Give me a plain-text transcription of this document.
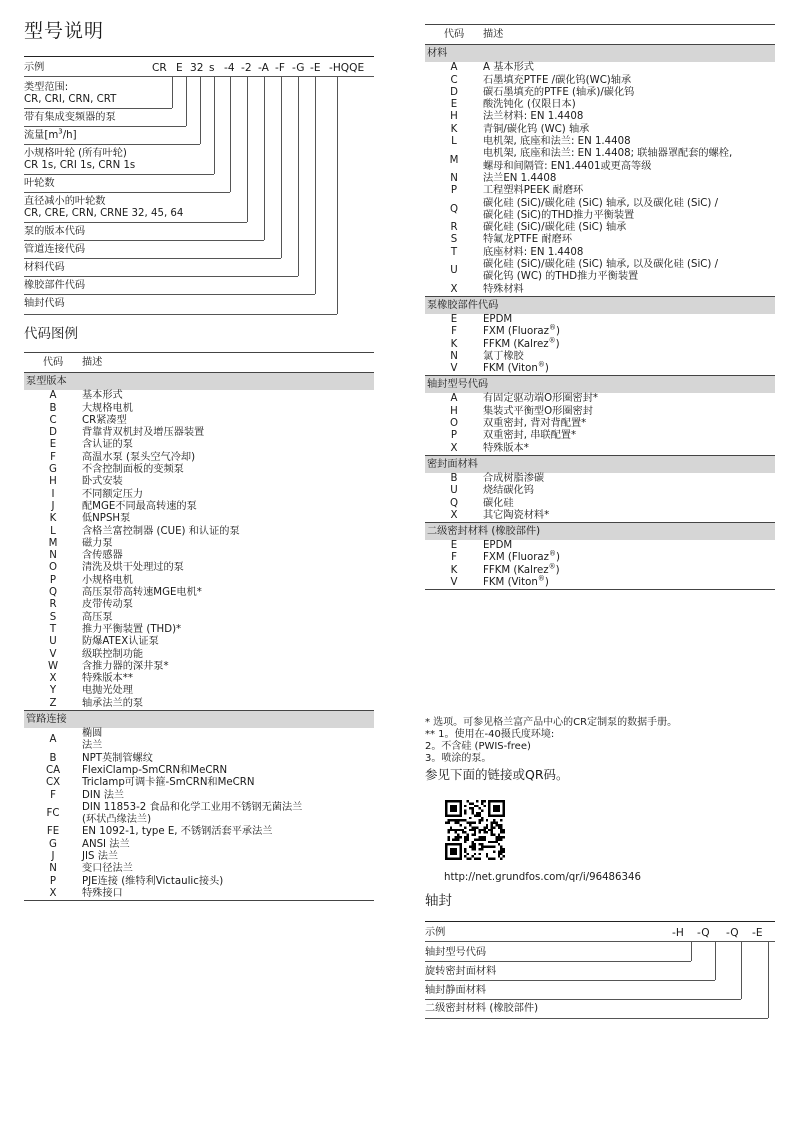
型号说明
示例	CR E 32 s -4 -2 -A -F -G -E -HQQE
类型范围:
CR, CRI, CRN, CRT
带有集成变频器的泵
流量$[m^3/h]$
小规格叶轮 (所有叶轮)
CR 1s, CRI 1s, CRN 1s
叶轮数
直径减小的叶轮数
CR, CRE, CRN, CRNE 32, 45, 64
泵的版本代码
管道连接代码
材料代码
橡胶部件代码
轴封代码
代码图例
代码	描述
泵型版本	
A	基本形式
B	大规格电机
C	CR紧凑型
D	背靠背双机封及增压器装置
E	含认证的泵
F	高温水泵 (泵头空气冷却)
G	不含控制面板的变频泵
H	卧式安装
I	不同额定压力
J	配MGE不同最高转速的泵
K	低NPSH泵
L	含格兰富控制器 (CUE) 和认证的泵
M	磁力泵
N	含传感器
O	清洗及烘干处理过的泵
P	小规格电机
Q	高压泵带高转速MGE电机*
R	皮带传动泵
S	高压泵
T	推力平衡装置 (THD)*
U	防爆ATEX认证泵
V	级联控制功能
W	含推力器的深井泵*
X	特殊版本**
Y	电抛光处理
Z	轴承法兰的泵
管路连接	
A	椭圆
法兰
B	NPT英制管螺纹
CA	FlexiClamp-SmCRN和MeCRN
CX	Triclamp可调卡箍-SmCRN和MeCRN
F	DIN 法兰
FC	DIN 11853-2 食品和化学工业用不锈钢无菌法兰
(环状凸缘法兰)
FE	EN 1092-1, type E, 不锈钢活套平承法兰
G	ANSI 法兰
J	JIS 法兰
N	变口径法兰
P	PJE连接 (维特利Victaulic接头)
X	特殊接口
代码	描述
材料	
A	A 基本形式
C	石墨填充PTFE /碳化钨(WC)轴承
D	碳石墨填充的PTFE (轴承)/碳化钨
E	酸洗钝化 (仅限日本)
H	法兰材料: EN 1.4408
K	青铜/碳化钨 (WC) 轴承
L	电机架, 底座和法兰: EN 1.4408
M	电机架, 底座和法兰: EN 1.4408; 联轴器罩配套的螺栓,
螺母和间隔管: EN1.4401或更高等级
N	法兰EN 1.4408
P	工程塑料PEEK 耐磨环
Q	碳化硅 (SiC)/碳化硅 (SiC) 轴承, 以及碳化硅 (SiC) /
碳化硅 (SiC)的THD推力平衡装置
R	碳化硅 (SiC)/碳化硅 (SiC) 轴承
S	特氟龙PTFE 耐磨环
T	底座材料: EN 1.4408
U	碳化硅 (SiC)/碳化硅 (SiC) 轴承, 以及碳化硅 (SiC) /
碳化钨 (WC) 的THD推力平衡装置
X	特殊材料
泵橡胶部件代码	
E	EPDM
F	FXM (Fluoraz®)
K	FFKM (Kalrez®)
N	氯丁橡胶
V	FKM (Viton®)
轴封型号代码	
A	有固定驱动端O形圈密封*
H	集装式平衡型O形圈密封
O	双重密封, 背对背配置*
P	双重密封, 串联配置*
X	特殊版本*
密封面材料	
B	合成树脂渗碳
U	烧结碳化钨
Q	碳化硅
X	其它陶瓷材料*
二级密封材料 (橡胶部件)	
E	EPDM
F	FXM (Fluoraz®)
K	FFKM (Kalrez®)
V	FKM (Viton®)
* 选项。可参见格兰富产品中心的CR定制泵的数据手册。
** 1。使用在-40摄氏度环境:
2。不含硅 (PWIS-free)
3。喷涂的泵。
参见下面的链接或QR码。
http://net.grundfos.com/qr/i/96486346
轴封
示例	-H -Q -Q -E
轴封型号代码
旋转密封面材料
轴封静面材料
二级密封材料 (橡胶部件)
